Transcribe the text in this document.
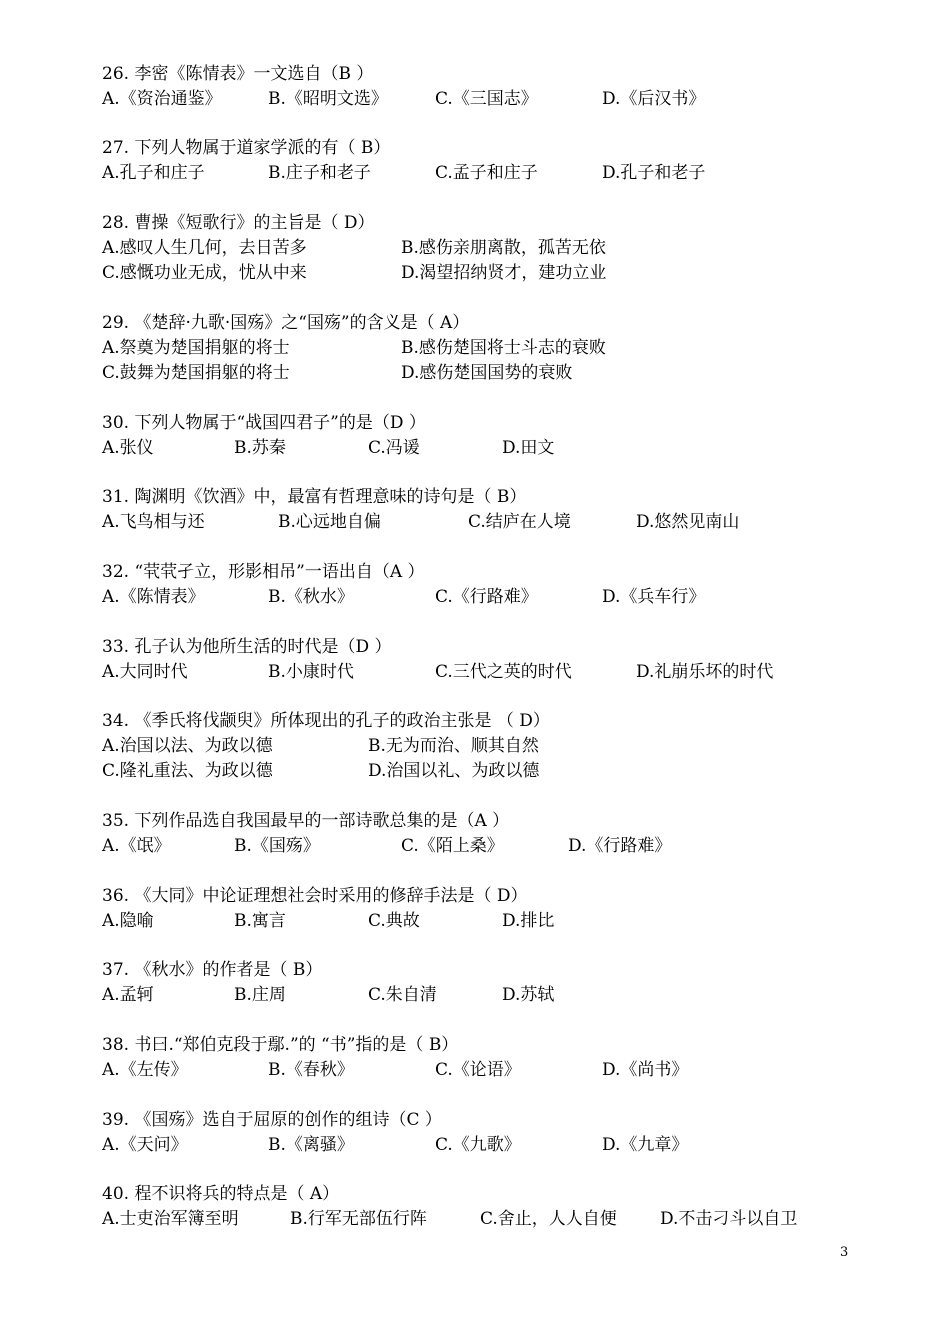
26. 李密《陈情表》一文选自（B ）
A.《资治通鉴》	B.《昭明文选》	C.《三国志》	D.《后汉书》
27. 下列人物属于道家学派的有（ B）
A.孔子和庄子	B.庄子和老子	C.孟子和庄子	D.孔子和老子
28. 曹操《短歌行》的主旨是（ D）
A.感叹人生几何，去日苦多	B.感伤亲朋离散，孤苦无依
C.感慨功业无成，忧从中来	D.渴望招纳贤才，建功立业
29. 《楚辞·九歌·国殇》之“国殇”的含义是（ A）
A.祭奠为楚国捐躯的将士	B.感伤楚国将士斗志的衰败
C.鼓舞为楚国捐躯的将士	D.感伤楚国国势的衰败
30. 下列人物属于“战国四君子”的是（D ）
A.张仪	B.苏秦	C.冯谖	D.田文
31. 陶渊明《饮酒》中，最富有哲理意味的诗句是（ B）
A.飞鸟相与还	B.心远地自偏	C.结庐在人境	D.悠然见南山
32. “茕茕孑立，形影相吊”一语出自（A ）
A.《陈情表》	B.《秋水》	C.《行路难》	D.《兵车行》
33. 孔子认为他所生活的时代是（D ）
A.大同时代	B.小康时代	C.三代之英的时代	D.礼崩乐坏的时代
34. 《季氏将伐颛臾》所体现出的孔子的政治主张是 （ D）
A.治国以法、为政以德	B.无为而治、顺其自然
C.隆礼重法、为政以德	D.治国以礼、为政以德
35. 下列作品选自我国最早的一部诗歌总集的是（A ）
A.《氓》	B.《国殇》	C.《陌上桑》	D.《行路难》
36. 《大同》中论证理想社会时采用的修辞手法是（ D）
A.隐喻	B.寓言	C.典故	D.排比
37. 《秋水》的作者是（ B）
A.孟轲	B.庄周	C.朱自清	D.苏轼
38. 书曰.“郑伯克段于鄢.”的 “书”指的是（ B）
A.《左传》	B.《春秋》	C.《论语》	D.《尚书》
39. 《国殇》选自于屈原的创作的组诗（C ）
A.《天问》	B.《离骚》	C.《九歌》	D.《九章》
40. 程不识将兵的特点是（ A）
A.士吏治军簿至明	B.行军无部伍行阵	C.舍止，人人自便	D.不击刁斗以自卫
3
